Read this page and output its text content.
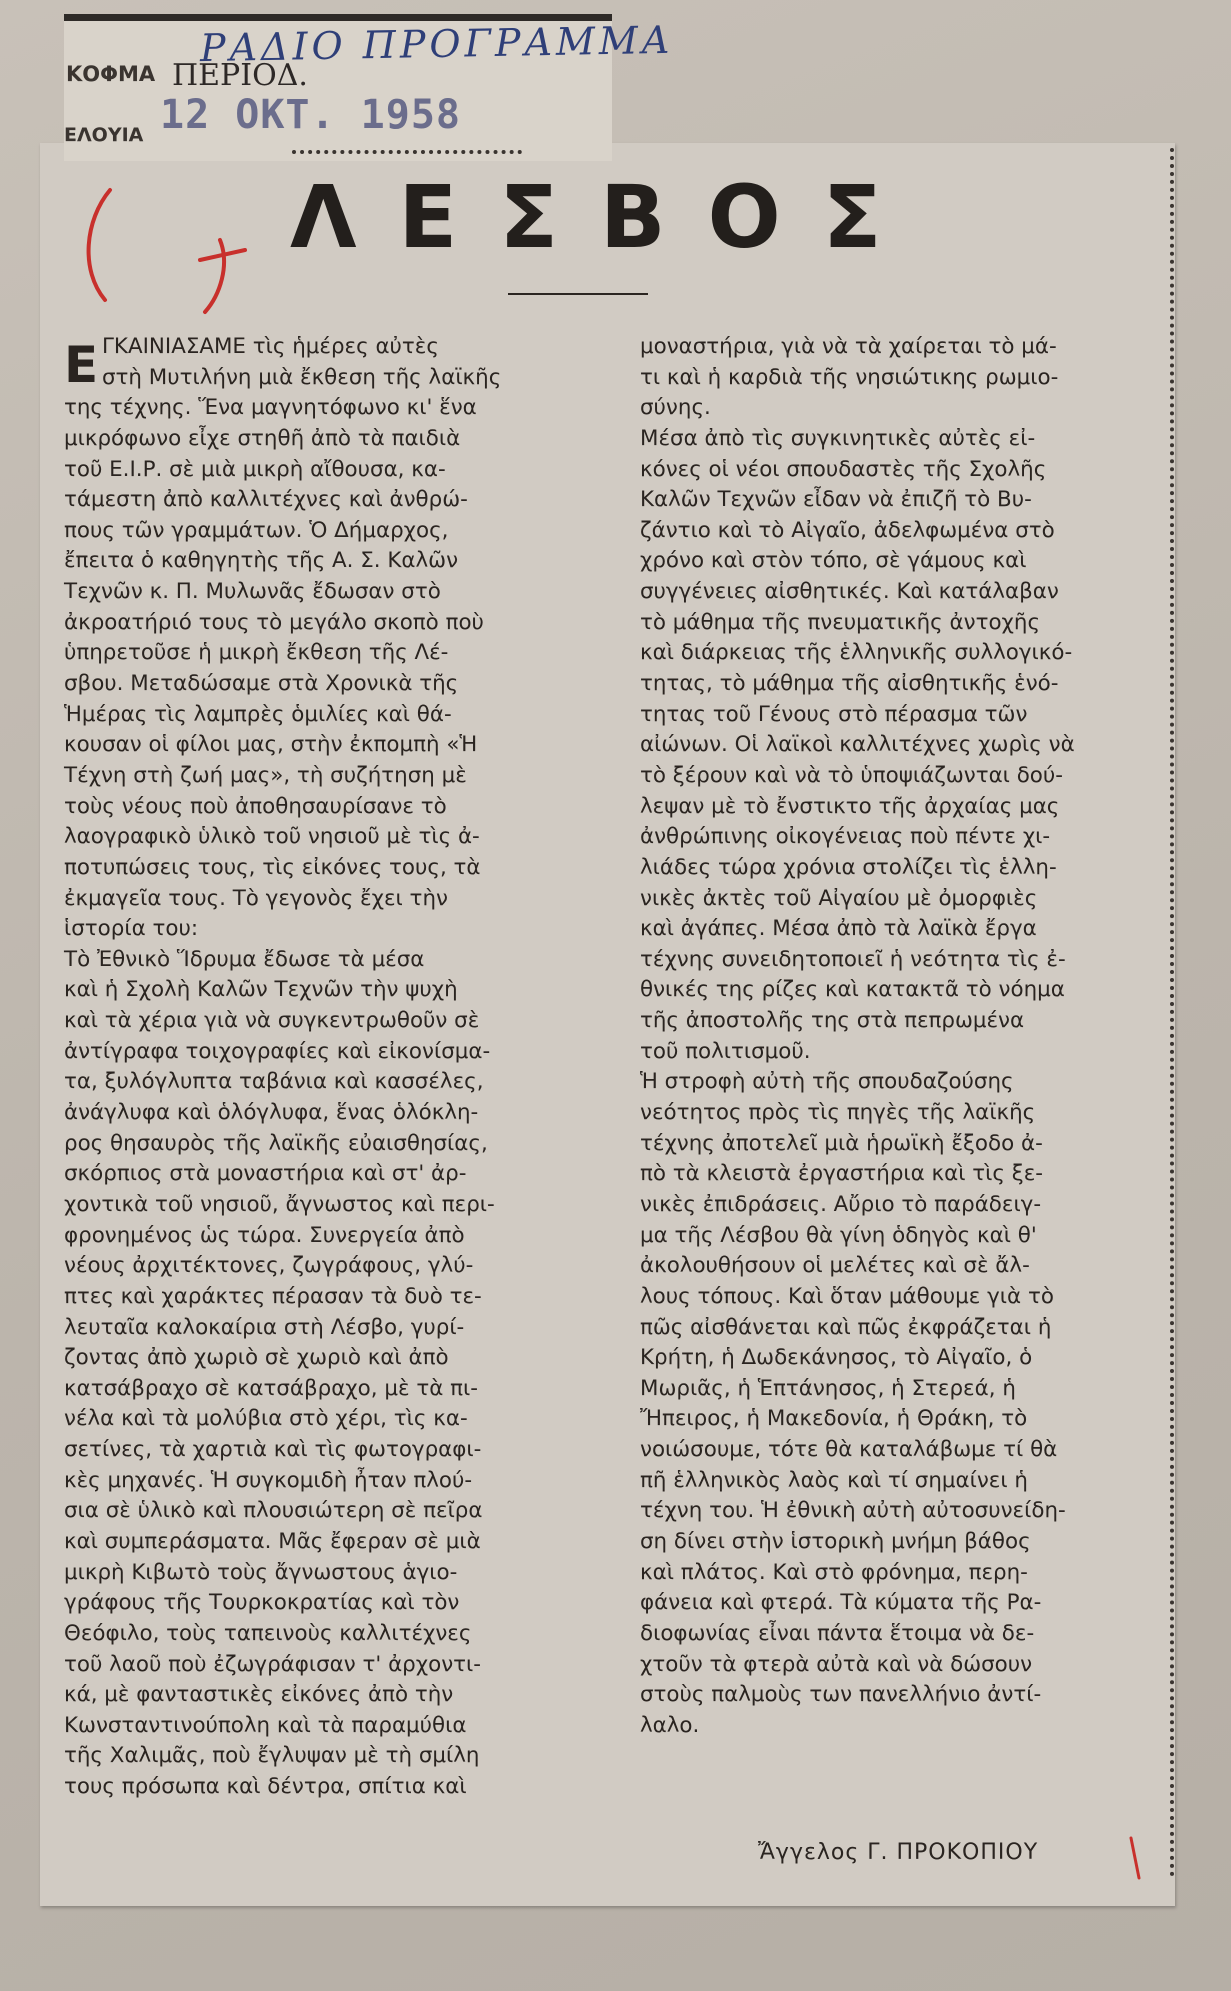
ΡΑΔΙΟ ΠΡΟΓΡΑΜΜΑ
ΚΟΦΜΑ ΠΕΡΙΟΔ.
12 ΟΚΤ. 1958
ΕΛΟΥΙΑ
ΛΕΣΒΟΣ
Ε ΓΚΑΙΝΙΑΣΑΜΕ τὶς ἡμέρες αὐτὲς
στὴ Μυτιλήνη μιὰ ἔκθεση τῆς λαϊκῆς
της τέχνης. Ἕνα μαγνητόφωνο κι' ἕνα
μικρόφωνο εἶχε στηθῆ ἀπὸ τὰ παιδιὰ
τοῦ Ε.Ι.Ρ. σὲ μιὰ μικρὴ αἴθουσα, κα-
τάμεστη ἀπὸ καλλιτέχνες καὶ ἀνθρώ-
πους τῶν γραμμάτων. Ὁ Δήμαρχος,
ἔπειτα ὁ καθηγητὴς τῆς Α. Σ. Καλῶν
Τεχνῶν κ. Π. Μυλωνᾶς ἔδωσαν στὸ
ἀκροατήριό τους τὸ μεγάλο σκοπὸ ποὺ
ὑπηρετοῦσε ἡ μικρὴ ἔκθεση τῆς Λέ-
σβου. Μεταδώσαμε στὰ Χρονικὰ τῆς
Ἡμέρας τὶς λαμπρὲς ὁμιλίες καὶ θά-
κουσαν οἱ φίλοι μας, στὴν ἐκπομπὴ «Ἡ
Τέχνη στὴ ζωή μας», τὴ συζήτηση μὲ
τοὺς νέους ποὺ ἀποθησαυρίσανε τὸ
λαογραφικὸ ὑλικὸ τοῦ νησιοῦ μὲ τὶς ἀ-
ποτυπώσεις τους, τὶς εἰκόνες τους, τὰ
ἐκμαγεῖα τους. Τὸ γεγονὸς ἔχει τὴν
ἱστορία του:
Τὸ Ἐθνικὸ Ἵδρυμα ἔδωσε τὰ μέσα
καὶ ἡ Σχολὴ Καλῶν Τεχνῶν τὴν ψυχὴ
καὶ τὰ χέρια γιὰ νὰ συγκεντρωθοῦν σὲ
ἀντίγραφα τοιχογραφίες καὶ εἰκονίσμα-
τα, ξυλόγλυπτα ταβάνια καὶ κασσέλες,
ἀνάγλυφα καὶ ὁλόγλυφα, ἕνας ὁλόκλη-
ρος θησαυρὸς τῆς λαϊκῆς εὐαισθησίας,
σκόρπιος στὰ μοναστήρια καὶ στ' ἀρ-
χοντικὰ τοῦ νησιοῦ, ἄγνωστος καὶ περι-
φρονημένος ὡς τώρα. Συνεργεία ἀπὸ
νέους ἀρχιτέκτονες, ζωγράφους, γλύ-
πτες καὶ χαράκτες πέρασαν τὰ δυὸ τε-
λευταῖα καλοκαίρια στὴ Λέσβο, γυρί-
ζοντας ἀπὸ χωριὸ σὲ χωριὸ καὶ ἀπὸ
κατσάβραχο σὲ κατσάβραχο, μὲ τὰ πι-
νέλα καὶ τὰ μολύβια στὸ χέρι, τὶς κα-
σετίνες, τὰ χαρτιὰ καὶ τὶς φωτογραφι-
κὲς μηχανές. Ἡ συγκομιδὴ ἦταν πλού-
σια σὲ ὑλικὸ καὶ πλουσιώτερη σὲ πεῖρα
καὶ συμπεράσματα. Μᾶς ἔφεραν σὲ μιὰ
μικρὴ Κιβωτὸ τοὺς ἄγνωστους ἁγιο-
γράφους τῆς Τουρκοκρατίας καὶ τὸν
Θεόφιλο, τοὺς ταπεινοὺς καλλιτέχνες
τοῦ λαοῦ ποὺ ἐζωγράφισαν τ' ἀρχοντι-
κά, μὲ φανταστικὲς εἰκόνες ἀπὸ τὴν
Κωνσταντινούπολη καὶ τὰ παραμύθια
τῆς Χαλιμᾶς, ποὺ ἔγλυψαν μὲ τὴ σμίλη
τους πρόσωπα καὶ δέντρα, σπίτια καὶ
μοναστήρια, γιὰ νὰ τὰ χαίρεται τὸ μά-
τι καὶ ἡ καρδιὰ τῆς νησιώτικης ρωμιο-
σύνης.
Μέσα ἀπὸ τὶς συγκινητικὲς αὐτὲς εἰ-
κόνες οἱ νέοι σπουδαστὲς τῆς Σχολῆς
Καλῶν Τεχνῶν εἶδαν νὰ ἐπιζῆ τὸ Βυ-
ζάντιο καὶ τὸ Αἰγαῖο, ἀδελφωμένα στὸ
χρόνο καὶ στὸν τόπο, σὲ γάμους καὶ
συγγένειες αἰσθητικές. Καὶ κατάλαβαν
τὸ μάθημα τῆς πνευματικῆς ἀντοχῆς
καὶ διάρκειας τῆς ἑλληνικῆς συλλογικό-
τητας, τὸ μάθημα τῆς αἰσθητικῆς ἑνό-
τητας τοῦ Γένους στὸ πέρασμα τῶν
αἰώνων. Οἱ λαϊκοὶ καλλιτέχνες χωρὶς νὰ
τὸ ξέρουν καὶ νὰ τὸ ὑποψιάζωνται δού-
λεψαν μὲ τὸ ἔνστικτο τῆς ἀρχαίας μας
ἀνθρώπινης οἰκογένειας ποὺ πέντε χι-
λιάδες τώρα χρόνια στολίζει τὶς ἑλλη-
νικὲς ἀκτὲς τοῦ Αἰγαίου μὲ ὀμορφιὲς
καὶ ἀγάπες. Μέσα ἀπὸ τὰ λαϊκὰ ἔργα
τέχνης συνειδητοποιεῖ ἡ νεότητα τὶς ἐ-
θνικές της ρίζες καὶ κατακτᾶ τὸ νόημα
τῆς ἀποστολῆς της στὰ πεπρωμένα
τοῦ πολιτισμοῦ.
Ἡ στροφὴ αὐτὴ τῆς σπουδαζούσης
νεότητος πρὸς τὶς πηγὲς τῆς λαϊκῆς
τέχνης ἀποτελεῖ μιὰ ἡρωϊκὴ ἔξοδο ἀ-
πὸ τὰ κλειστὰ ἐργαστήρια καὶ τὶς ξε-
νικὲς ἐπιδράσεις. Αὔριο τὸ παράδειγ-
μα τῆς Λέσβου θὰ γίνη ὁδηγὸς καὶ θ'
ἀκολουθήσουν οἱ μελέτες καὶ σὲ ἄλ-
λους τόπους. Καὶ ὅταν μάθουμε γιὰ τὸ
πῶς αἰσθάνεται καὶ πῶς ἐκφράζεται ἡ
Κρήτη, ἡ Δωδεκάνησος, τὸ Αἰγαῖο, ὁ
Μωριᾶς, ἡ Ἑπτάνησος, ἡ Στερεά, ἡ
Ἤπειρος, ἡ Μακεδονία, ἡ Θράκη, τὸ
νοιώσουμε, τότε θὰ καταλάβωμε τί θὰ
πῆ ἑλληνικὸς λαὸς καὶ τί σημαίνει ἡ
τέχνη του. Ἡ ἐθνικὴ αὐτὴ αὐτοσυνείδη-
ση δίνει στὴν ἱστορικὴ μνήμη βάθος
καὶ πλάτος. Καὶ στὸ φρόνημα, περη-
φάνεια καὶ φτερά. Τὰ κύματα τῆς Ρα-
διοφωνίας εἶναι πάντα ἕτοιμα νὰ δε-
χτοῦν τὰ φτερὰ αὐτὰ καὶ νὰ δώσουν
στοὺς παλμοὺς των πανελλήνιο ἀντί-
λαλο.
Ἄγγελος Γ. ΠΡΟΚΟΠΙΟΥ
